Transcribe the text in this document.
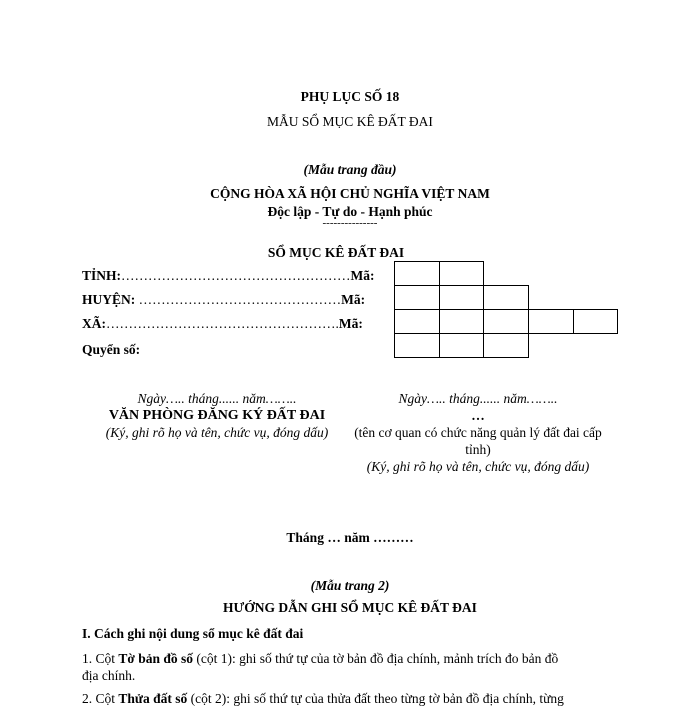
PHỤ LỤC SỐ 18
MẪU SỔ MỤC KÊ ĐẤT ĐAI
(Mẫu trang đầu)
CỘNG HÒA XÃ HỘI CHỦ NGHĨA VIỆT NAM
Độc lập - Tự do - Hạnh phúc
---------------
SỔ MỤC KÊ ĐẤT ĐAI
TỈNH:……………………………………………Mã:
HUYỆN: ………………………………………Mã:
XÃ:…………………………………………….Mã:
Quyển số:
Ngày….. tháng...... năm……..
VĂN PHÒNG ĐĂNG KÝ ĐẤT ĐAI
(Ký, ghi rõ họ và tên, chức vụ, đóng dấu)
Ngày….. tháng...... năm……..
…
(tên cơ quan có chức năng quản lý đất đai cấp tỉnh)
(Ký, ghi rõ họ và tên, chức vụ, đóng dấu)
Tháng … năm ………
(Mẫu trang 2)
HƯỚNG DẪN GHI SỔ MỤC KÊ ĐẤT ĐAI
I. Cách ghi nội dung sổ mục kê đất đai
1. Cột Tờ bản đồ số (cột 1): ghi số thứ tự của tờ bản đồ địa chính, mảnh trích đo bản đồ
địa chính.
2. Cột Thửa đất số (cột 2): ghi số thứ tự của thửa đất theo từng tờ bản đồ địa chính, từng
